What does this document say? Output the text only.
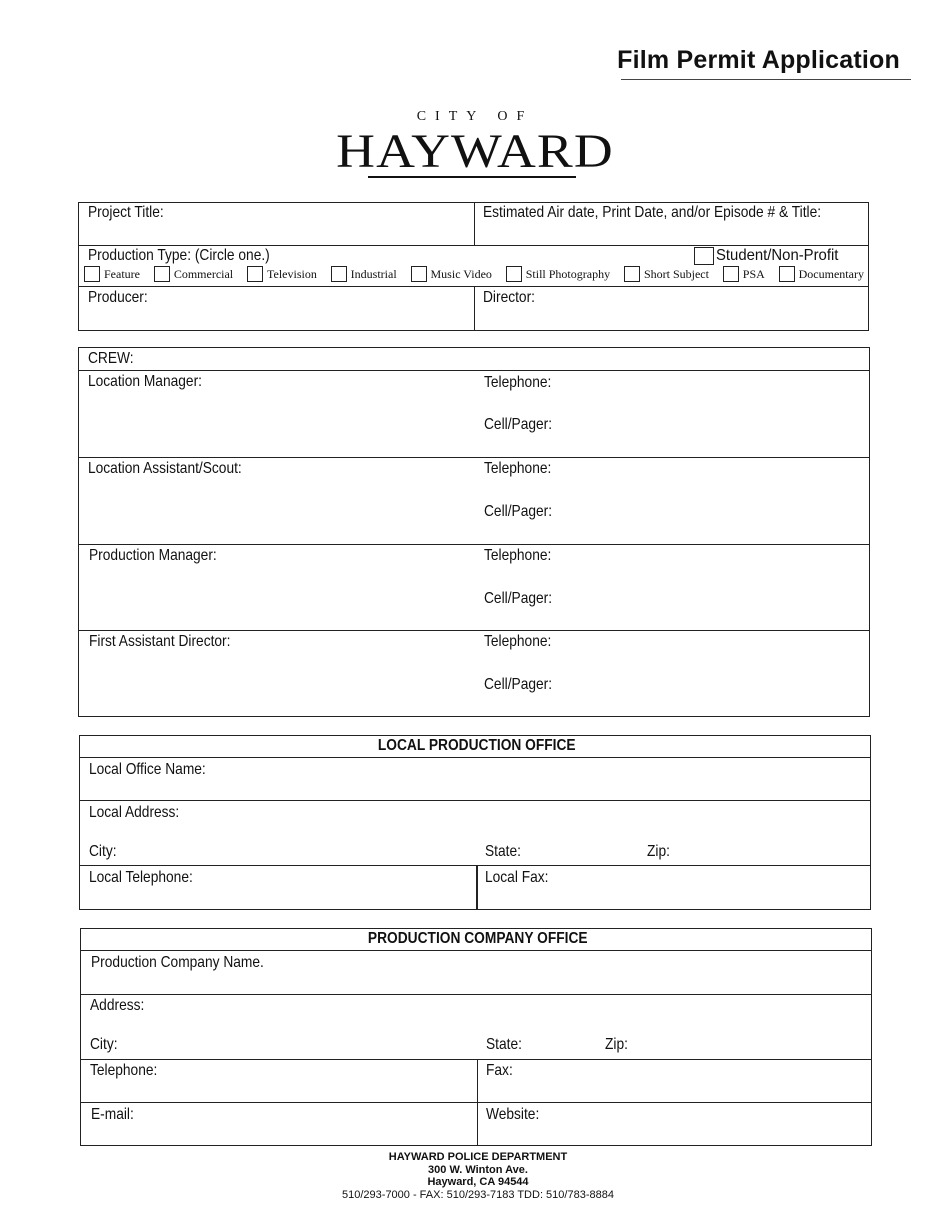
Film Permit Application
CITY OF
HAYWARD
Project Title:	Estimated Air date, Print Date, and/or Episode # & Title:
Production Type: (Circle one.)	Student/Non-Profit
Feature	Commercial	Television	Industrial	Music Video	Still Photography	Short Subject	PSA	Documentary
Producer:	Director:
CREW:
Location Manager:	Telephone:
Cell/Pager:
Location Assistant/Scout:	Telephone:
Cell/Pager:
Production Manager:	Telephone:
Cell/Pager:
First Assistant Director:	Telephone:
Cell/Pager:
LOCAL PRODUCTION OFFICE
Local Office Name:
Local Address:
City:	State:	Zip:
Local Telephone:	Local Fax:
PRODUCTION COMPANY OFFICE
Production Company Name.
Address:
City:	State:	Zip:
Telephone:	Fax:
E-mail:	Website:
HAYWARD POLICE DEPARTMENT
300 W. Winton Ave.
Hayward, CA 94544
510/293-7000 - FAX: 510/293-7183 TDD: 510/783-8884
